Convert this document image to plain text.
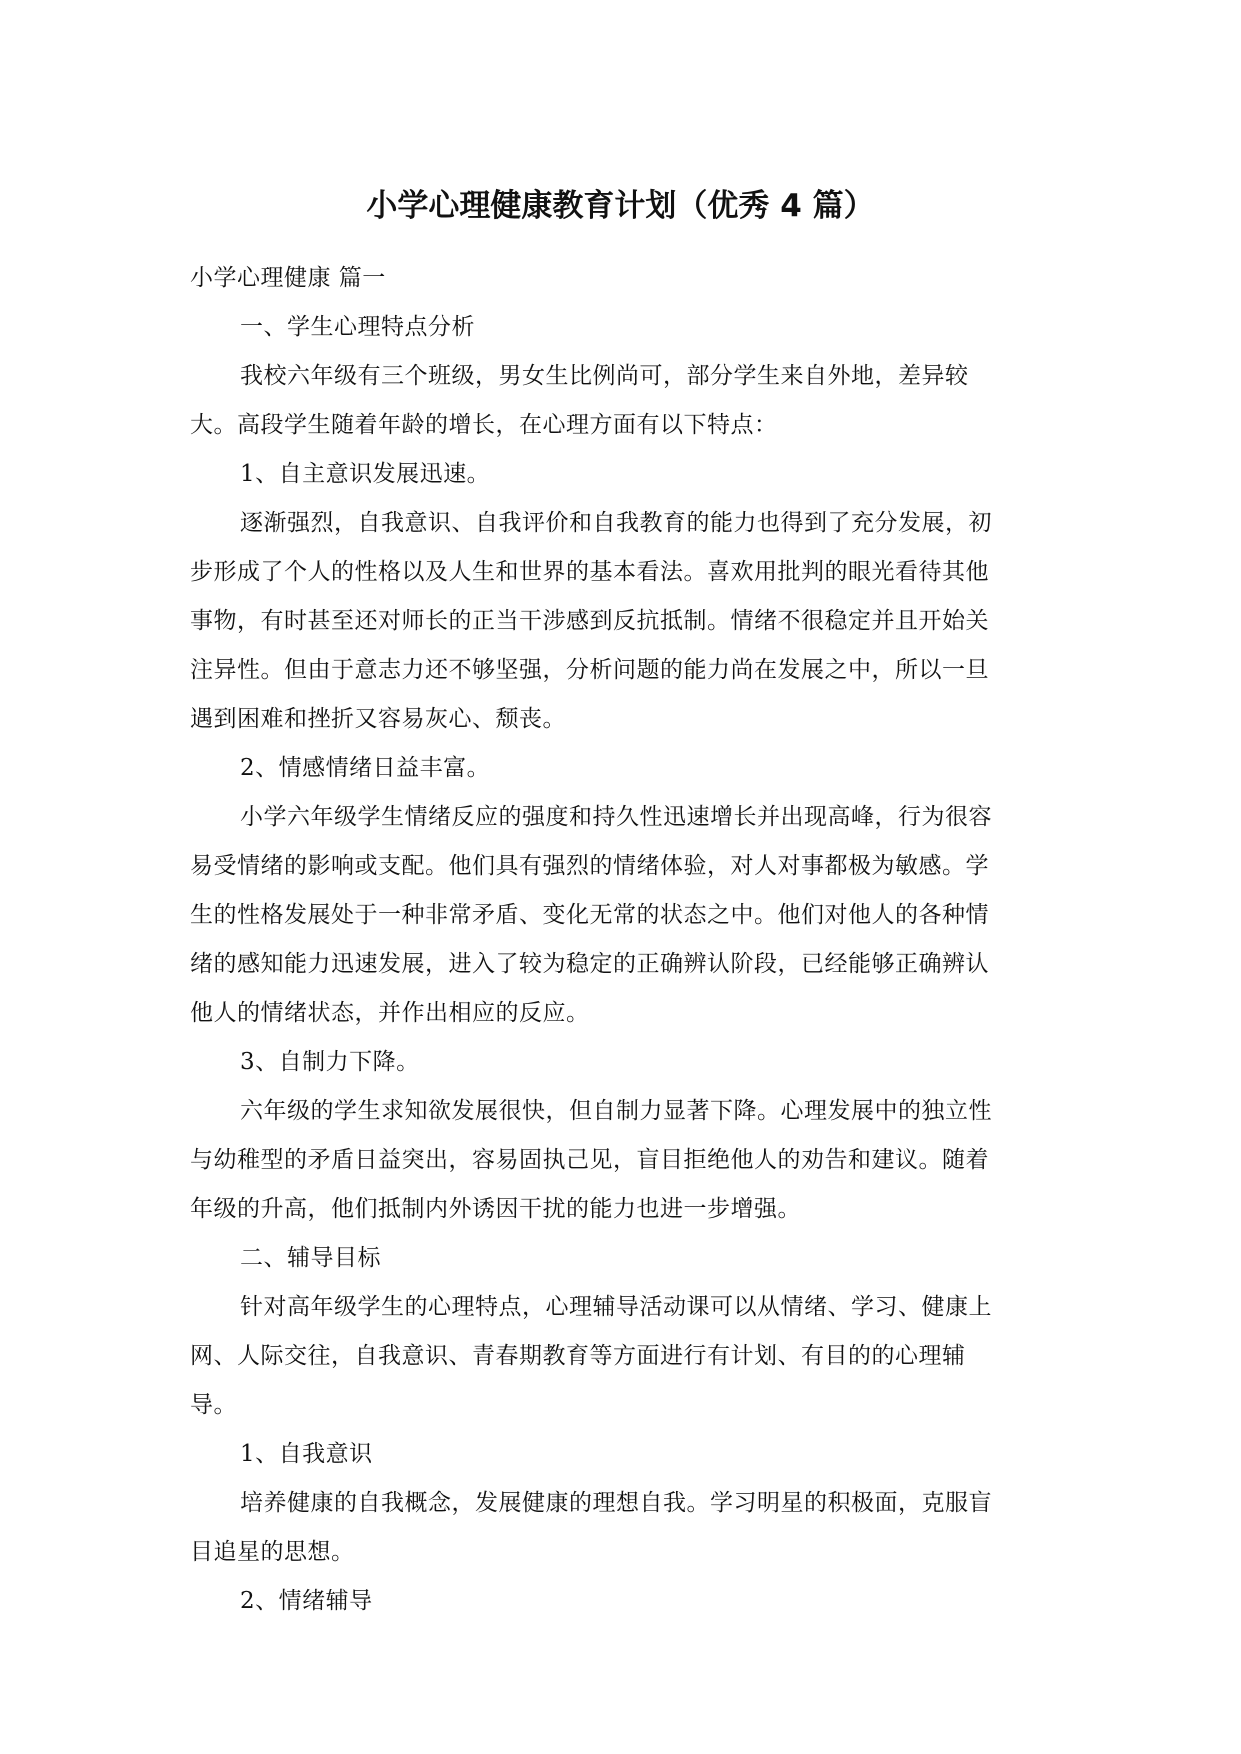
小学心理健康教育计划（优秀 4 篇）
小学心理健康 篇一
一、学生心理特点分析
我校六年级有三个班级，男女生比例尚可，部分学生来自外地，差异较
大。高段学生随着年龄的增长，在心理方面有以下特点：
1、自主意识发展迅速。
逐渐强烈，自我意识、自我评价和自我教育的能力也得到了充分发展，初
步形成了个人的性格以及人生和世界的基本看法。喜欢用批判的眼光看待其他
事物，有时甚至还对师长的正当干涉感到反抗抵制。情绪不很稳定并且开始关
注异性。但由于意志力还不够坚强，分析问题的能力尚在发展之中，所以一旦
遇到困难和挫折又容易灰心、颓丧。
2、情感情绪日益丰富。
小学六年级学生情绪反应的强度和持久性迅速增长并出现高峰，行为很容
易受情绪的影响或支配。他们具有强烈的情绪体验，对人对事都极为敏感。学
生的性格发展处于一种非常矛盾、变化无常的状态之中。他们对他人的各种情
绪的感知能力迅速发展，进入了较为稳定的正确辨认阶段，已经能够正确辨认
他人的情绪状态，并作出相应的反应。
3、自制力下降。
六年级的学生求知欲发展很快，但自制力显著下降。心理发展中的独立性
与幼稚型的矛盾日益突出，容易固执己见，盲目拒绝他人的劝告和建议。随着
年级的升高，他们抵制内外诱因干扰的能力也进一步增强。
二、辅导目标
针对高年级学生的心理特点，心理辅导活动课可以从情绪、学习、健康上
网、人际交往，自我意识、青春期教育等方面进行有计划、有目的的心理辅
导。
1、自我意识
培养健康的自我概念，发展健康的理想自我。学习明星的积极面，克服盲
目追星的思想。
2、情绪辅导
